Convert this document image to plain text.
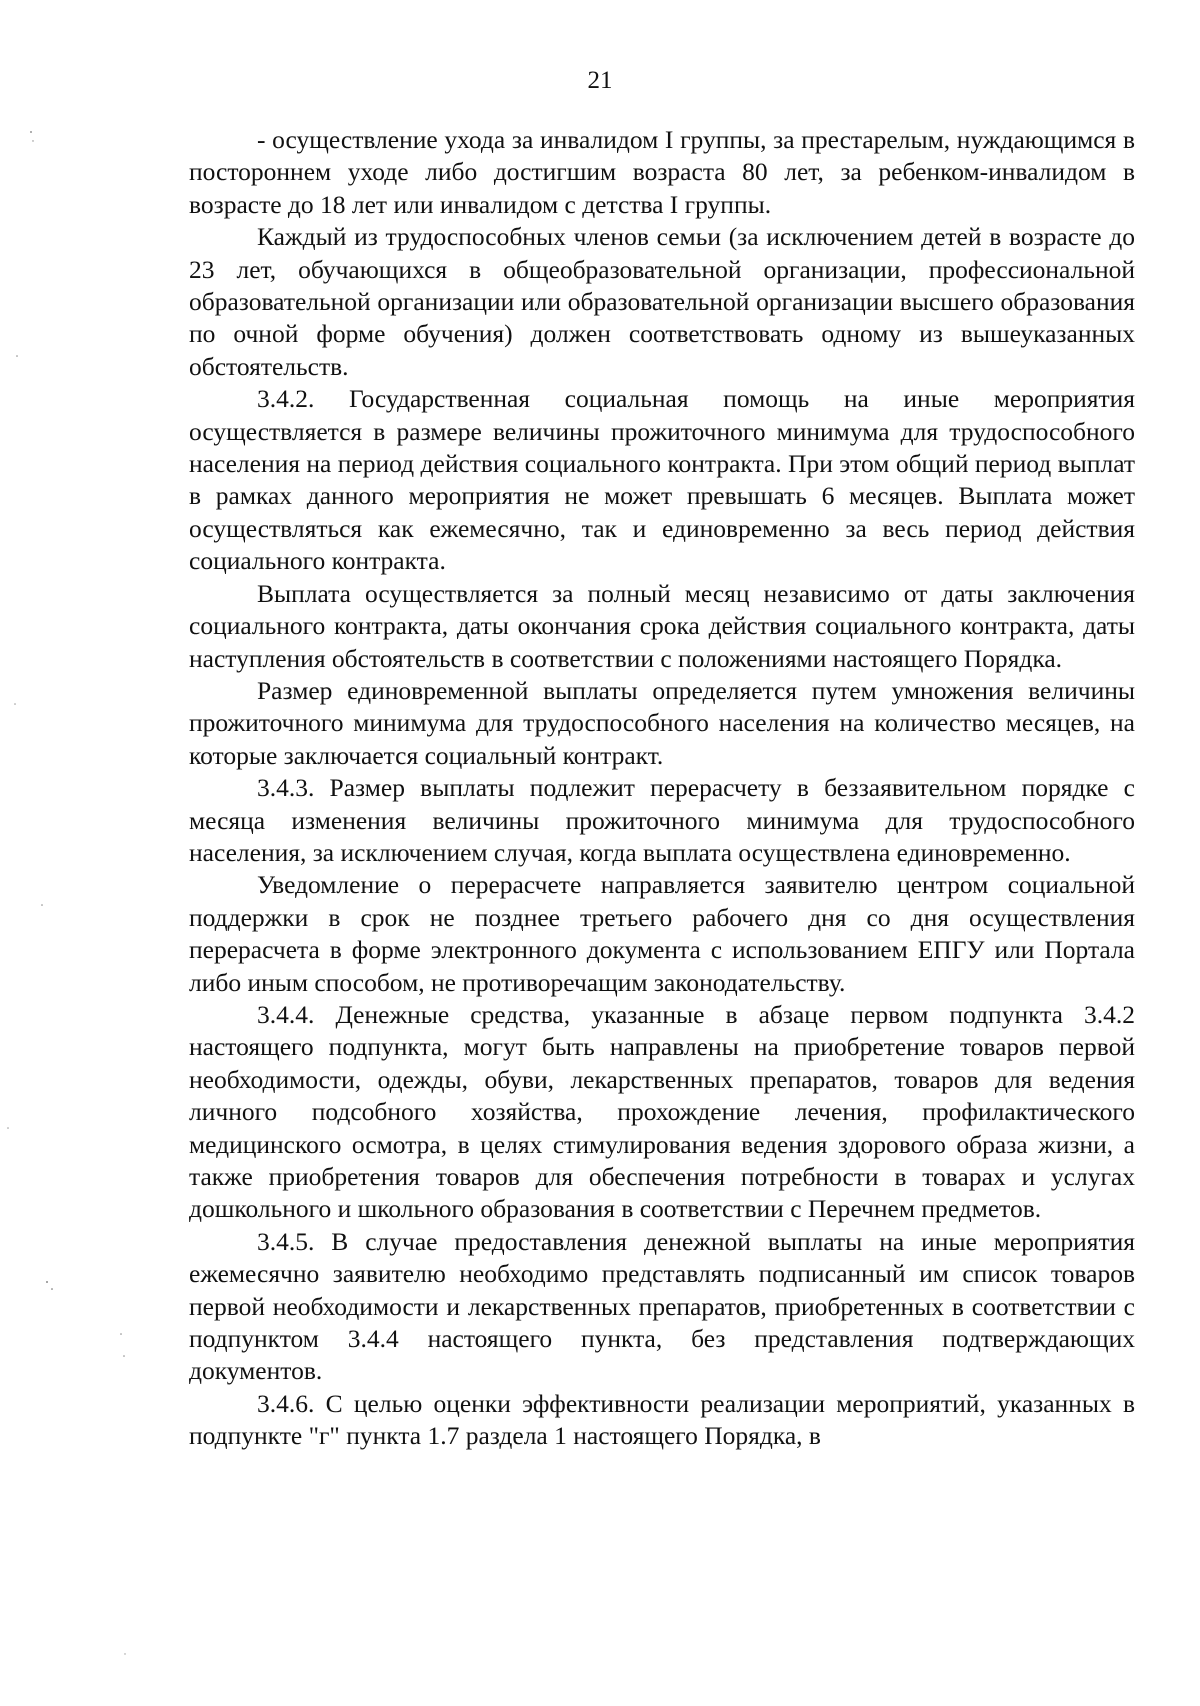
21

- осуществление ухода за инвалидом I группы, за престарелым, нуждающимся в постороннем уходе либо достигшим возраста 80 лет, за ребенком-инвалидом в возрасте до 18 лет или инвалидом с детства I группы.

Каждый из трудоспособных членов семьи (за исключением детей в возрасте до 23 лет, обучающихся в общеобразовательной организации, профессиональной образовательной организации или образовательной организации высшего образования по очной форме обучения) должен соответствовать одному из вышеуказанных обстоятельств.

3.4.2. Государственная социальная помощь на иные мероприятия осуществляется в размере величины прожиточного минимума для трудоспособного населения на период действия социального контракта. При этом общий период выплат в рамках данного мероприятия не может превышать 6 месяцев. Выплата может осуществляться как ежемесячно, так и единовременно за весь период действия социального контракта.

Выплата осуществляется за полный месяц независимо от даты заключения социального контракта, даты окончания срока действия социального контракта, даты наступления обстоятельств в соответствии с положениями настоящего Порядка.

Размер единовременной выплаты определяется путем умножения величины прожиточного минимума для трудоспособного населения на количество месяцев, на которые заключается социальный контракт.

3.4.3. Размер выплаты подлежит перерасчету в беззаявительном порядке с месяца изменения величины прожиточного минимума для трудоспособного населения, за исключением случая, когда выплата осуществлена единовременно.

Уведомление о перерасчете направляется заявителю центром социальной поддержки в срок не позднее третьего рабочего дня со дня осуществления перерасчета в форме электронного документа с использованием ЕПГУ или Портала либо иным способом, не противоречащим законодательству.

3.4.4. Денежные средства, указанные в абзаце первом подпункта 3.4.2 настоящего подпункта, могут быть направлены на приобретение товаров первой необходимости, одежды, обуви, лекарственных препаратов, товаров для ведения личного подсобного хозяйства, прохождение лечения, профилактического медицинского осмотра, в целях стимулирования ведения здорового образа жизни, а также приобретения товаров для обеспечения потребности в товарах и услугах дошкольного и школьного образования в соответствии с Перечнем предметов.

3.4.5. В случае предоставления денежной выплаты на иные мероприятия ежемесячно заявителю необходимо представлять подписанный им список товаров первой необходимости и лекарственных препаратов, приобретенных в соответствии с подпунктом 3.4.4 настоящего пункта, без представления подтверждающих документов.

3.4.6. С целью оценки эффективности реализации мероприятий, указанных в подпункте "г" пункта 1.7 раздела 1 настоящего Порядка, в
